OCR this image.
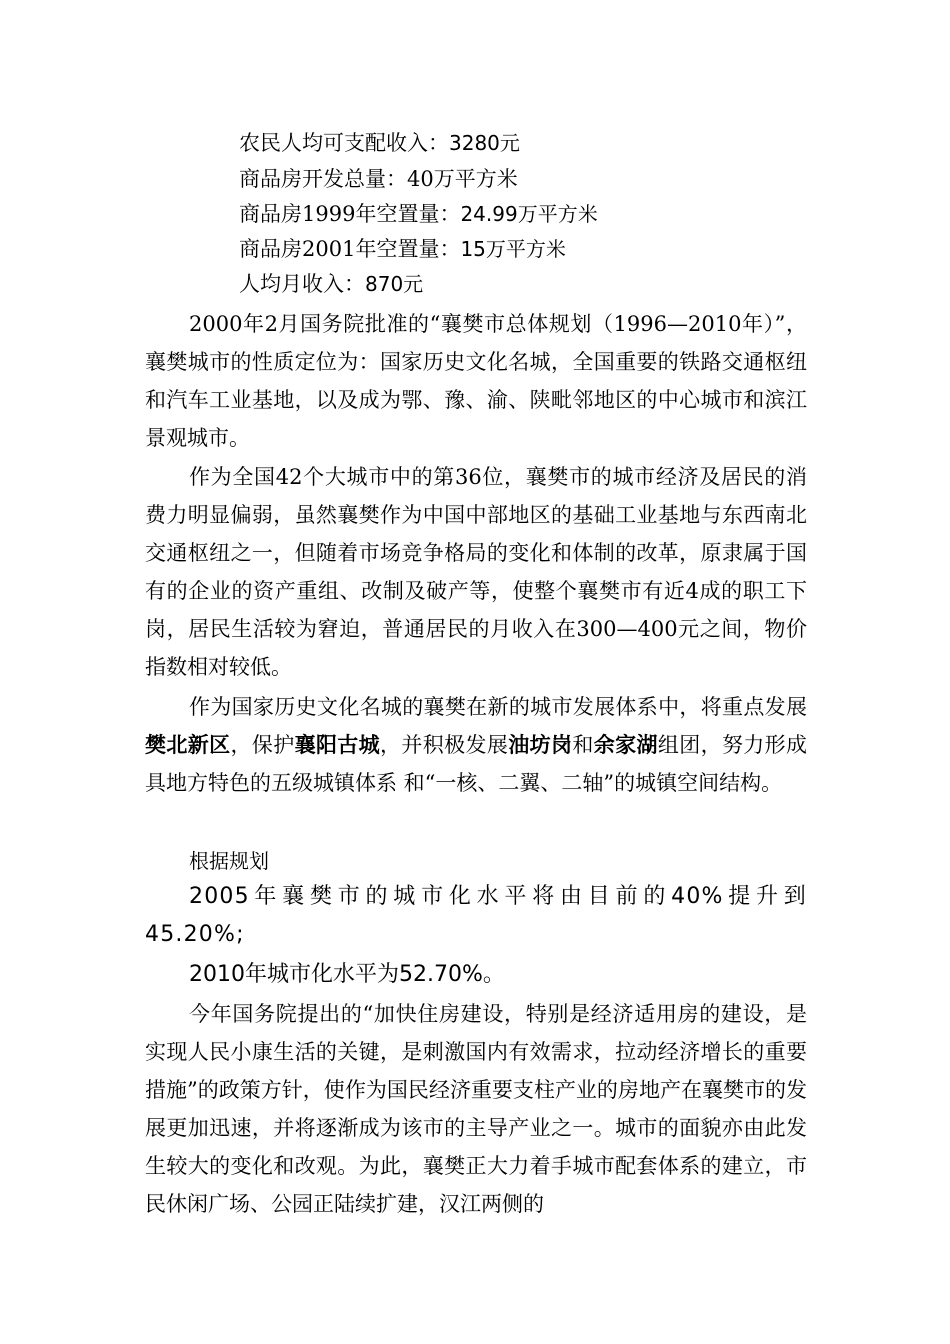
农民人均可支配收入：3280元
商品房开发总量：40万平方米
商品房1999年空置量：24.99万平方米
商品房2001年空置量：15万平方米
人均月收入：870元

2000年2月国务院批准的“襄樊市总体规划（1996—2010年）”，襄樊城市的性质定位为：国家历史文化名城，全国重要的铁路交通枢纽和汽车工业基地，以及成为鄂、豫、渝、陕毗邻地区的中心城市和滨江景观城市。

作为全国42个大城市中的第36位，襄樊市的城市经济及居民的消费力明显偏弱，虽然襄樊作为中国中部地区的基础工业基地与东西南北交通枢纽之一，但随着市场竞争格局的变化和体制的改革，原隶属于国有的企业的资产重组、改制及破产等，使整个襄樊市有近4成的职工下岗，居民生活较为窘迫，普通居民的月收入在300—400元之间，物价指数相对较低。

作为国家历史文化名城的襄樊在新的城市发展体系中，将重点发展樊北新区，保护襄阳古城，并积极发展油坊岗和余家湖组团，努力形成具地方特色的五级城镇体系 和“一核、二翼、二轴”的城镇空间结构。

根据规划

2005年襄樊市的城市化水平将由目前的40%提升到45.20%;

2010年城市化水平为52.70%。

今年国务院提出的“加快住房建设，特别是经济适用房的建设，是实现人民小康生活的关键，是刺激国内有效需求，拉动经济增长的重要措施”的政策方针，使作为国民经济重要支柱产业的房地产在襄樊市的发展更加迅速，并将逐渐成为该市的主导产业之一。城市的面貌亦由此发生较大的变化和改观。为此，襄樊正大力着手城市配套体系的建立，市民休闲广场、公园正陆续扩建，汉江两侧的
